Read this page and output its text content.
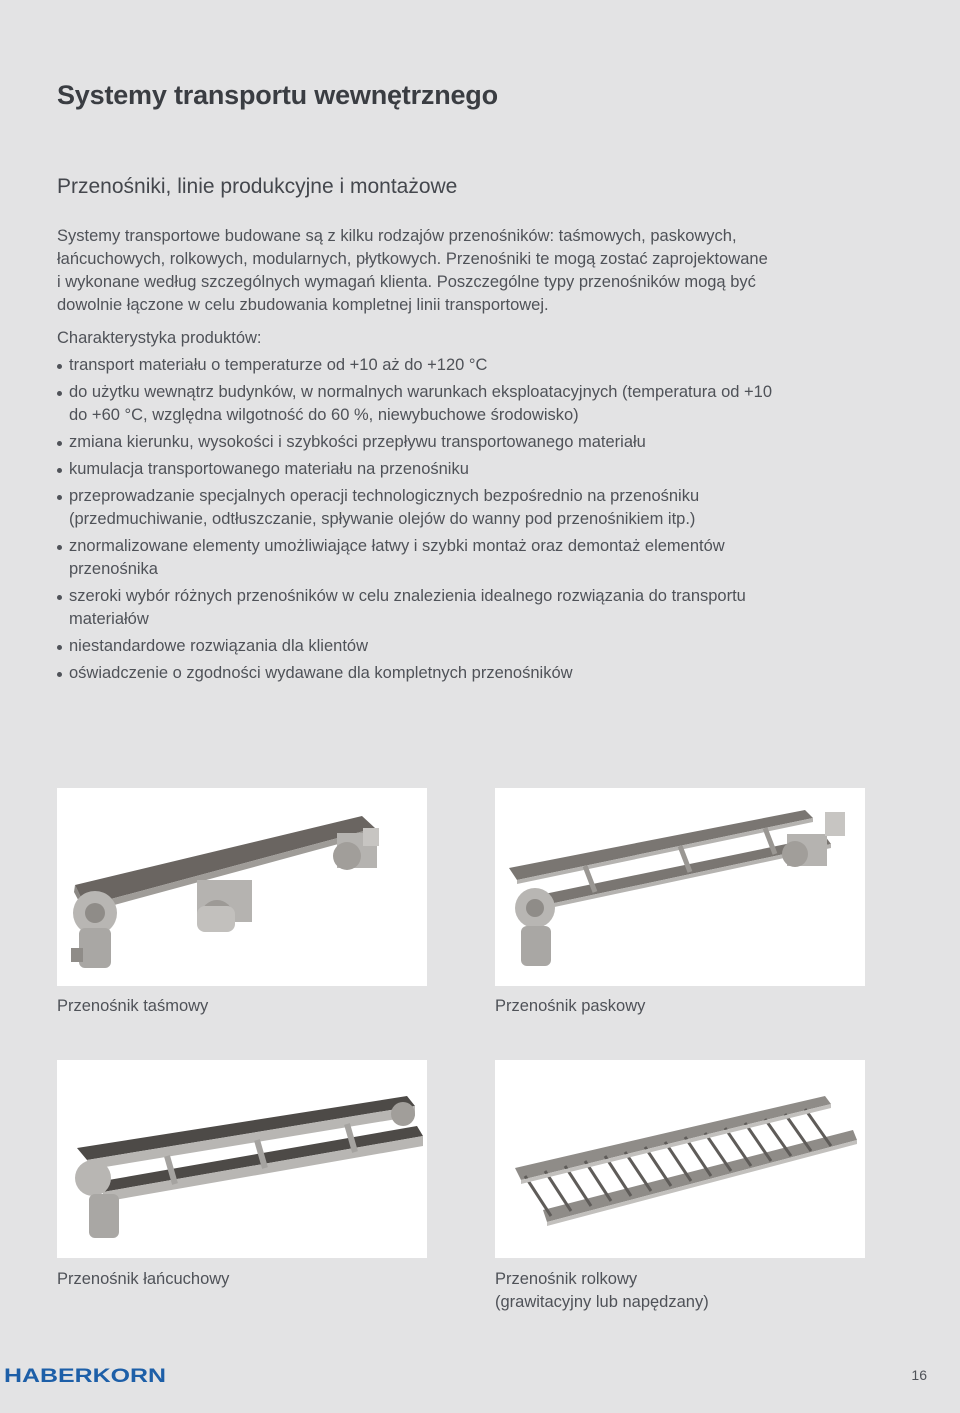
Systemy transportu wewnętrznego
Przenośniki, linie produkcyjne i montażowe

Systemy transportowe budowane są z kilku rodzajów przenośników: taśmowych, paskowych,
łańcuchowych, rolkowych, modularnych, płytkowych. Przenośniki te mogą zostać zaprojektowane
i wykonane według szczególnych wymagań klienta. Poszczególne typy przenośników mogą być
dowolnie łączone w celu zbudowania kompletnej linii transportowej.

Charakterystyka produktów:

transport materiału o temperaturze od +10 aż do +120 °C
do użytku wewnątrz budynków, w normalnych warunkach eksploatacyjnych (temperatura od +10
do +60 °C, względna wilgotność do 60 %, niewybuchowe środowisko)
zmiana kierunku, wysokości i szybkości przepływu transportowanego materiału
kumulacja transportowanego materiału na przenośniku
przeprowadzanie specjalnych operacji technologicznych bezpośrednio na przenośniku
(przedmuchiwanie, odtłuszczanie, spływanie olejów do wanny pod przenośnikiem itp.)
znormalizowane elementy umożliwiające łatwy i szybki montaż oraz demontaż elementów
przenośnika
szeroki wybór różnych przenośników w celu znalezienia idealnego rozwiązania do transportu
materiałów
niestandardowe rozwiązania dla klientów
oświadczenie o zgodności wydawane dla kompletnych przenośników

Przenośnik taśmowy	Przenośnik paskowy

Przenośnik łańcuchowy	Przenośnik rolkowy
(grawitacyjny lub napędzany)

HABERKORN	16
